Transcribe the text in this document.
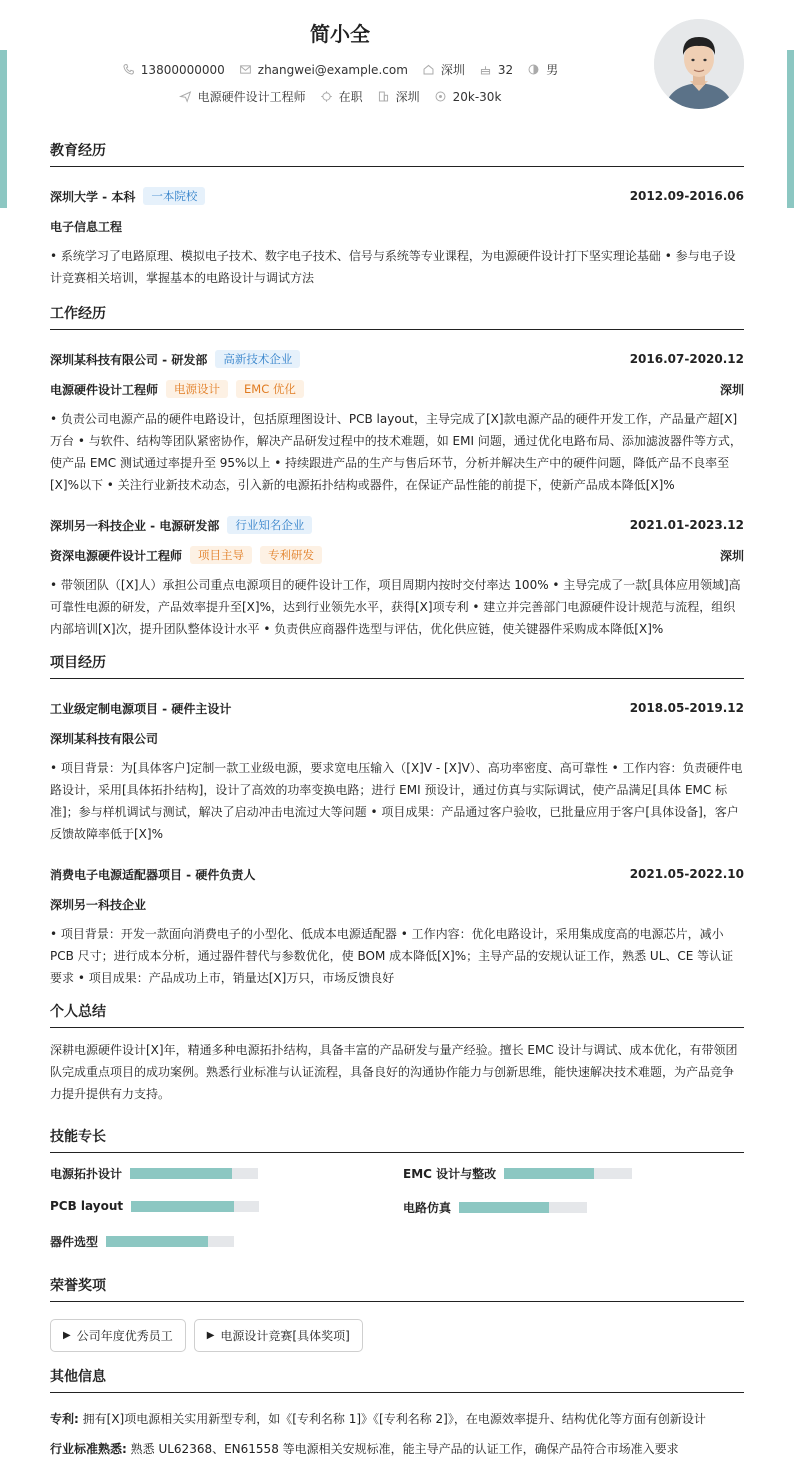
简小全
13800000000	zhangwei@example.com	深圳	32	男
电源硬件设计工程师	在职	深圳	20k-30k
教育经历
深圳大学 - 本科	一本院校	2012.09-2016.06
电子信息工程
• 系统学习了电路原理、模拟电子技术、数字电子技术、信号与系统等专业课程，为电源硬件设计打下坚实理论基础 • 参与电子设计竞赛相关培训，掌握基本的电路设计与调试方法
工作经历
深圳某科技有限公司 - 研发部	高新技术企业	2016.07-2020.12
电源硬件设计工程师	电源设计	EMC 优化	深圳
• 负责公司电源产品的硬件电路设计，包括原理图设计、PCB layout，主导完成了[X]款电源产品的硬件开发工作，产品量产超[X]万台 • 与软件、结构等团队紧密协作，解决产品研发过程中的技术难题，如 EMI 问题，通过优化电路布局、添加滤波器件等方式，使产品 EMC 测试通过率提升至 95%以上 • 持续跟进产品的生产与售后环节，分析并解决生产中的硬件问题，降低产品不良率至[X]%以下 • 关注行业新技术动态，引入新的电源拓扑结构或器件，在保证产品性能的前提下，使新产品成本降低[X]%
深圳另一科技企业 - 电源研发部	行业知名企业	2021.01-2023.12
资深电源硬件设计工程师	项目主导	专利研发	深圳
• 带领团队（[X]人）承担公司重点电源项目的硬件设计工作，项目周期内按时交付率达 100% • 主导完成了一款[具体应用领域]高可靠性电源的研发，产品效率提升至[X]%，达到行业领先水平，获得[X]项专利 • 建立并完善部门电源硬件设计规范与流程，组织内部培训[X]次，提升团队整体设计水平 • 负责供应商器件选型与评估，优化供应链，使关键器件采购成本降低[X]%
项目经历
工业级定制电源项目 - 硬件主设计	2018.05-2019.12
深圳某科技有限公司
• 项目背景：为[具体客户]定制一款工业级电源，要求宽电压输入（[X]V - [X]V）、高功率密度、高可靠性 • 工作内容：负责硬件电路设计，采用[具体拓扑结构]，设计了高效的功率变换电路；进行 EMI 预设计，通过仿真与实际调试，使产品满足[具体 EMC 标准]；参与样机调试与测试，解决了启动冲击电流过大等问题 • 项目成果：产品通过客户验收，已批量应用于客户[具体设备]，客户反馈故障率低于[X]%
消费电子电源适配器项目 - 硬件负责人	2021.05-2022.10
深圳另一科技企业
• 项目背景：开发一款面向消费电子的小型化、低成本电源适配器 • 工作内容：优化电路设计，采用集成度高的电源芯片，减小 PCB 尺寸；进行成本分析，通过器件替代与参数优化，使 BOM 成本降低[X]%；主导产品的安规认证工作，熟悉 UL、CE 等认证要求 • 项目成果：产品成功上市，销量达[X]万只，市场反馈良好
个人总结
深耕电源硬件设计[X]年，精通多种电源拓扑结构，具备丰富的产品研发与量产经验。擅长 EMC 设计与调试、成本优化，有带领团队完成重点项目的成功案例。熟悉行业标准与认证流程，具备良好的沟通协作能力与创新思维，能快速解决技术难题，为产品竞争力提升提供有力支持。
技能专长
电源拓扑设计	EMC 设计与整改
PCB layout	电路仿真
器件选型
荣誉奖项
▶ 公司年度优秀员工	▶ 电源设计竞赛[具体奖项]
其他信息
专利: 拥有[X]项电源相关实用新型专利，如《[专利名称 1]》《[专利名称 2]》，在电源效率提升、结构优化等方面有创新设计
行业标准熟悉: 熟悉 UL62368、EN61558 等电源相关安规标准，能主导产品的认证工作，确保产品符合市场准入要求
